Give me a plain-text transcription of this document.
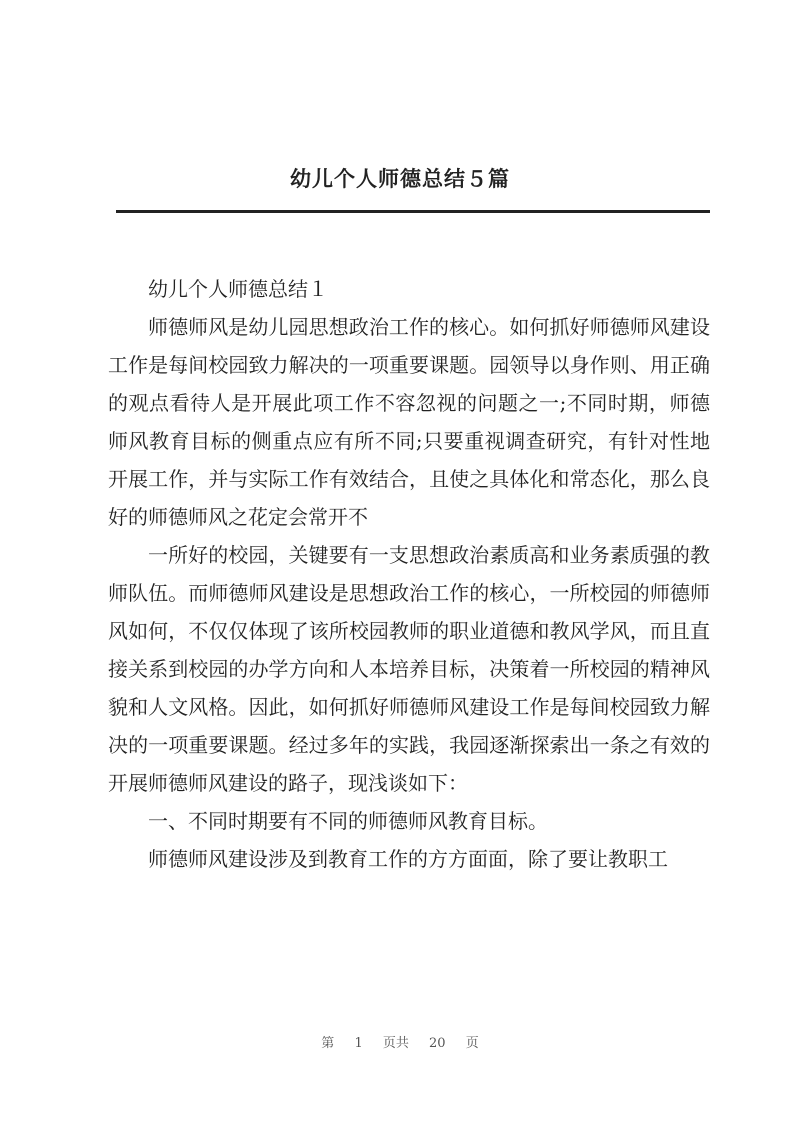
幼儿个人师德总结５篇

幼儿个人师德总结１

师德师风是幼儿园思想政治工作的核心。如何抓好师德师风建设工作是每间校园致力解决的一项重要课题。园领导以身作则、用正确的观点看待人是开展此项工作不容忽视的问题之一;不同时期，师德师风教育目标的侧重点应有所不同;只要重视调查研究，有针对性地开展工作，并与实际工作有效结合，且使之具体化和常态化，那么良好的师德师风之花定会常开不

一所好的校园，关键要有一支思想政治素质高和业务素质强的教师队伍。而师德师风建设是思想政治工作的核心，一所校园的师德师风如何，不仅仅体现了该所校园教师的职业道德和教风学风，而且直接关系到校园的办学方向和人本培养目标，决策着一所校园的精神风貌和人文风格。因此，如何抓好师德师风建设工作是每间校园致力解决的一项重要课题。经过多年的实践，我园逐渐探索出一条之有效的开展师德师风建设的路子，现浅谈如下：

一、不同时期要有不同的师德师风教育目标。

师德师风建设涉及到教育工作的方方面面，除了要让教职工

第 1 页共 20 页
